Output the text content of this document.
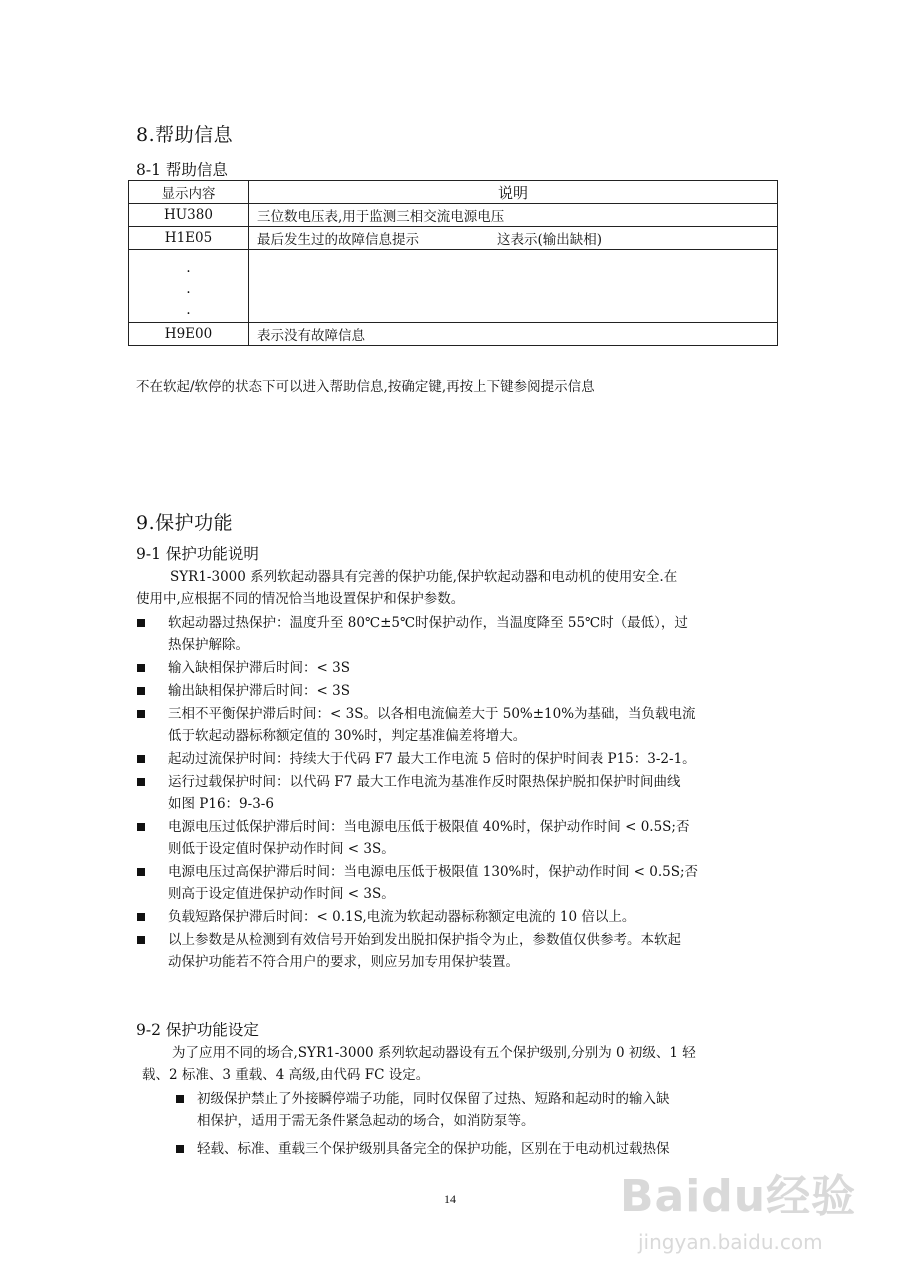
8.帮助信息
8-1 帮助信息
显示内容	说明
HU380	三位数电压表,用于监测三相交流电源电压
H1E05	最后发生过的故障信息提示 这表示(输出缺相)

.
.
.	

H9E00	表示没有故障信息
不在软起/软停的状态下可以进入帮助信息,按确定键,再按上下键参阅提示信息
9.保护功能
9-1 保护功能说明
SYR1-3000 系列软起动器具有完善的保护功能,保护软起动器和电动机的使用安全.在
使用中,应根据不同的情况恰当地设置保护和保护参数。
软起动器过热保护：温度升至 80℃±5℃时保护动作，当温度降至 55℃时（最低），过
热保护解除。
输入缺相保护滞后时间：< 3S
输出缺相保护滞后时间：< 3S
三相不平衡保护滞后时间：< 3S。以各相电流偏差大于 50%±10%为基础，当负载电流
低于软起动器标称额定值的 30%时，判定基准偏差将增大。
起动过流保护时间：持续大于代码 F7 最大工作电流 5 倍时的保护时间表 P15：3-2-1。
运行过载保护时间：以代码 F7 最大工作电流为基准作反时限热保护脱扣保护时间曲线
如图 P16：9-3-6
电源电压过低保护滞后时间：当电源电压低于极限值 40%时，保护动作时间 < 0.5S;否
则低于设定值时保护动作时间 < 3S。
电源电压过高保护滞后时间：当电源电压低于极限值 130%时，保护动作时间 < 0.5S;否
则高于设定值进保护动作时间 < 3S。
负载短路保护滞后时间：< 0.1S,电流为软起动器标称额定电流的 10 倍以上。
以上参数是从检测到有效信号开始到发出脱扣保护指令为止，参数值仅供参考。本软起
动保护功能若不符合用户的要求，则应另加专用保护装置。
9-2 保护功能设定
为了应用不同的场合,SYR1-3000 系列软起动器设有五个保护级别,分别为 0 初级、1 轻
载、2 标准、3 重载、4 高级,由代码 FC 设定。
初级保护禁止了外接瞬停端子功能，同时仅保留了过热、短路和起动时的输入缺
相保护，适用于需无条件紧急起动的场合，如消防泵等。
轻载、标准、重载三个保护级别具备完全的保护功能，区别在于电动机过载热保
14	Baidu经验
jingyan.baidu.com
